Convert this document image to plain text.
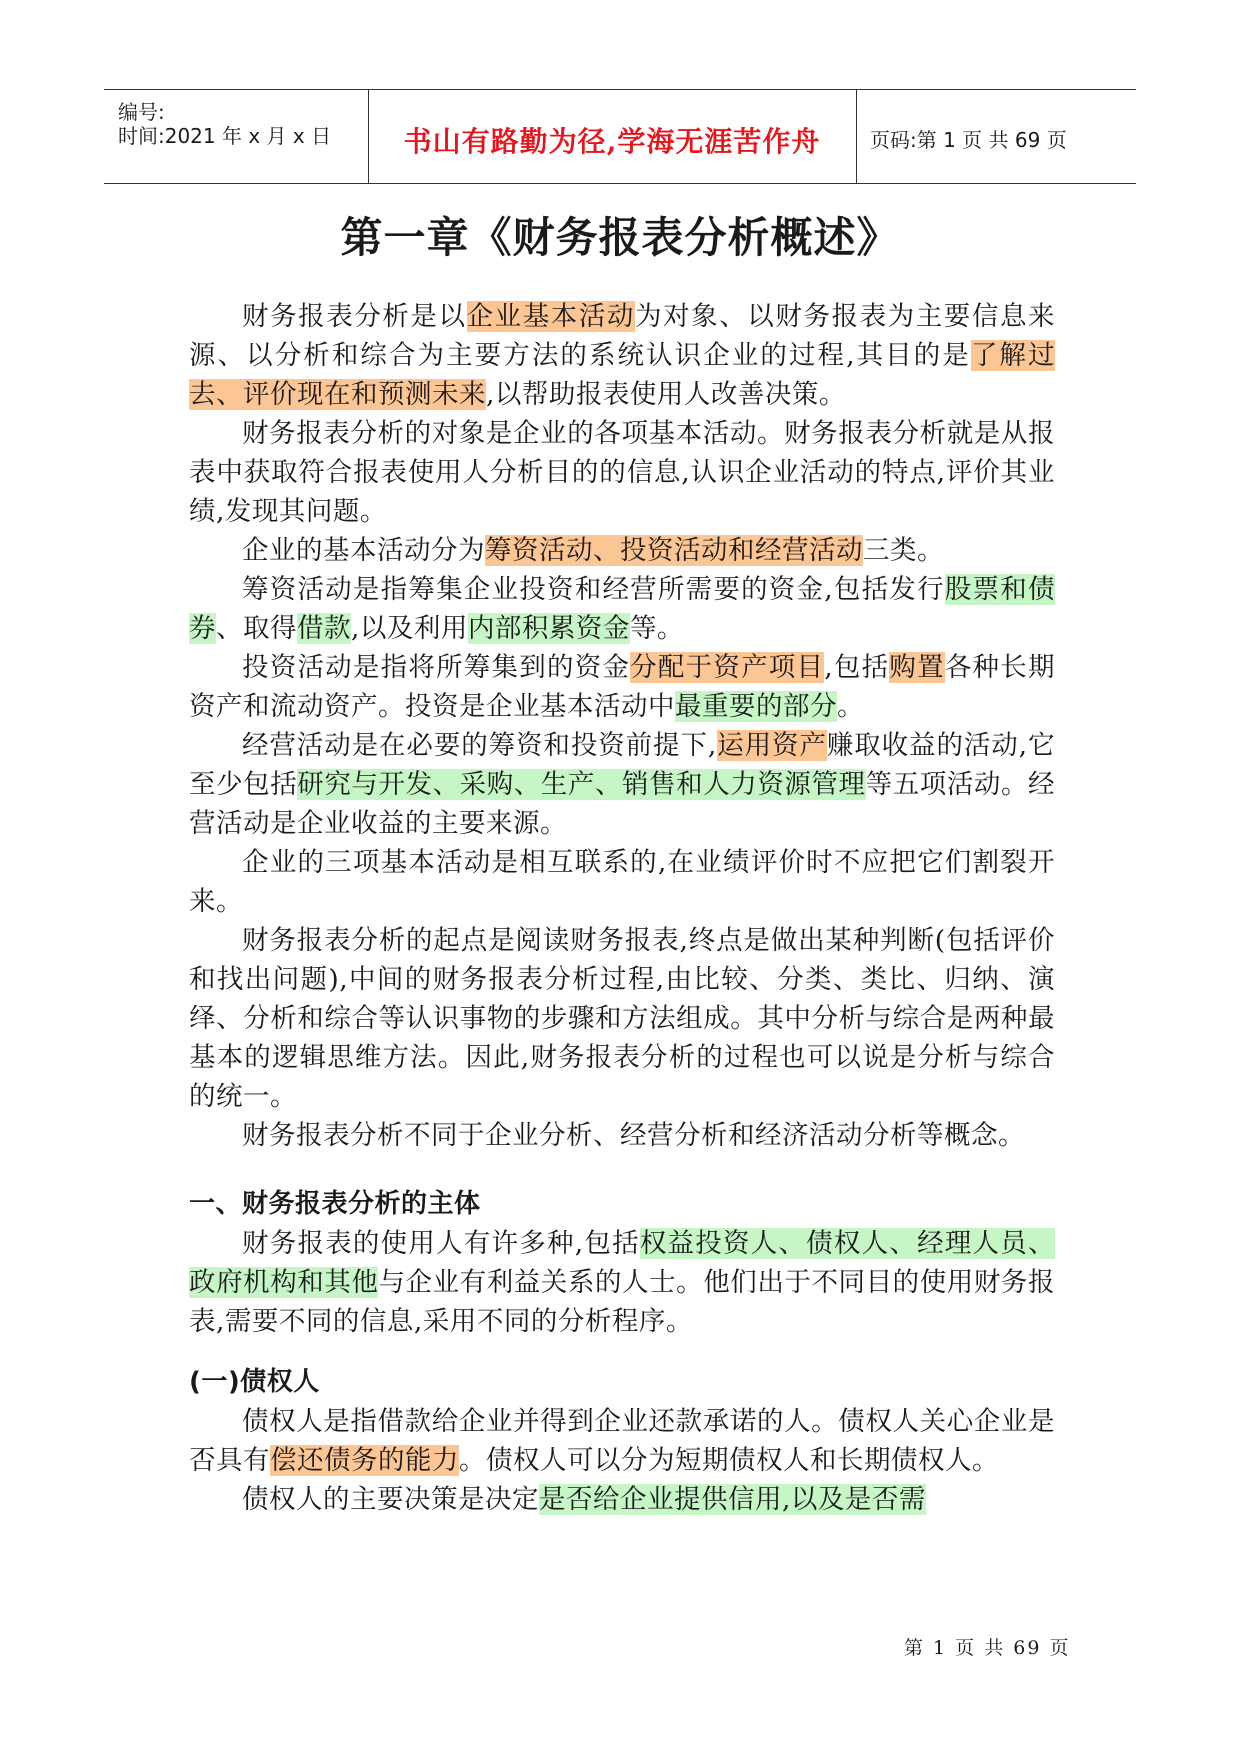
编号:
时间:2021 年 x 月 x 日	书山有路勤为径,学海无涯苦作舟	页码:第 1 页 共 69 页
第一章《财务报表分析概述》

财务报表分析是以企业基本活动为对象、以财务报表为主要信息来源、以分析和综合为主要方法的系统认识企业的过程,其目的是了解过去、评价现在和预测未来,以帮助报表使用人改善决策。

财务报表分析的对象是企业的各项基本活动。财务报表分析就是从报表中获取符合报表使用人分析目的的信息,认识企业活动的特点,评价其业绩,发现其问题。

企业的基本活动分为筹资活动、投资活动和经营活动三类。

筹资活动是指筹集企业投资和经营所需要的资金,包括发行股票和债券、取得借款,以及利用内部积累资金等。

投资活动是指将所筹集到的资金分配于资产项目,包括购置各种长期资产和流动资产。投资是企业基本活动中最重要的部分。

经营活动是在必要的筹资和投资前提下,运用资产赚取收益的活动,它至少包括研究与开发、采购、生产、销售和人力资源管理等五项活动。经营活动是企业收益的主要来源。

企业的三项基本活动是相互联系的,在业绩评价时不应把它们割裂开来。

财务报表分析的起点是阅读财务报表,终点是做出某种判断(包括评价和找出问题),中间的财务报表分析过程,由比较、分类、类比、归纳、演绎、分析和综合等认识事物的步骤和方法组成。其中分析与综合是两种最基本的逻辑思维方法。因此,财务报表分析的过程也可以说是分析与综合的统一。

财务报表分析不同于企业分析、经营分析和经济活动分析等概念。

一、财务报表分析的主体

财务报表的使用人有许多种,包括权益投资人、债权人、经理人员、政府机构和其他与企业有利益关系的人士。他们出于不同目的使用财务报表,需要不同的信息,采用不同的分析程序。

(一)债权人

债权人是指借款给企业并得到企业还款承诺的人。债权人关心企业是否具有偿还债务的能力。债权人可以分为短期债权人和长期债权人。

债权人的主要决策是决定是否给企业提供信用,以及是否需

第 1 页 共 69 页
